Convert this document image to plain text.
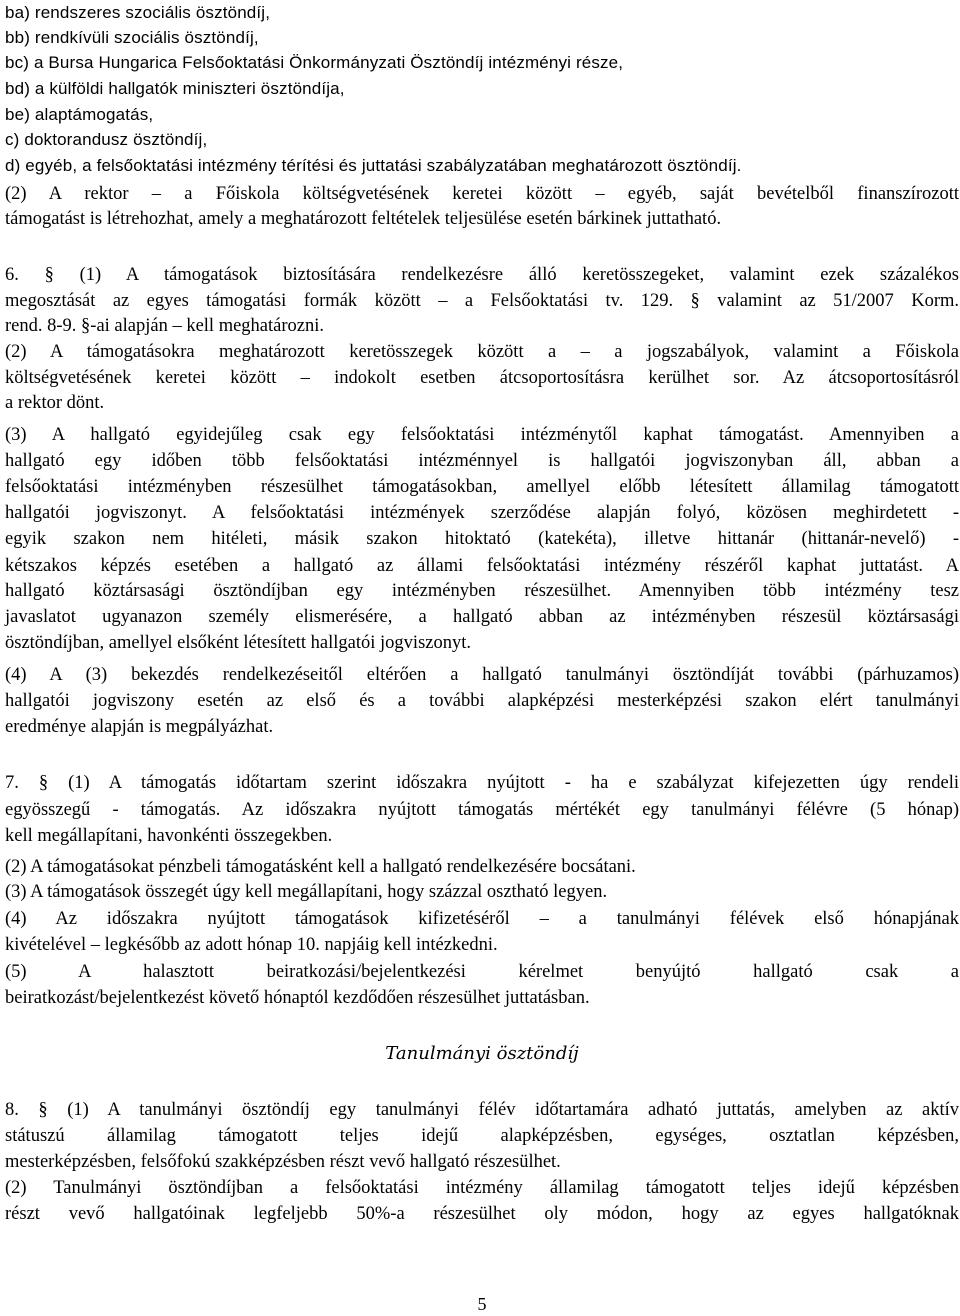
ba) rendszeres szociális ösztöndíj,
bb) rendkívüli szociális ösztöndíj,
bc) a Bursa Hungarica Felsőoktatási Önkormányzati Ösztöndíj intézményi része,
bd) a külföldi hallgatók miniszteri ösztöndíja,
be) alaptámogatás,
c) doktorandusz ösztöndíj,
d) egyéb, a felsőoktatási intézmény térítési és juttatási szabályzatában meghatározott ösztöndíj.
(2) A rektor – a Főiskola költségvetésének keretei között – egyéb, saját bevételből finanszírozott
támogatást is létrehozhat, amely a meghatározott feltételek teljesülése esetén bárkinek juttatható.
6. § (1) A támogatások biztosítására rendelkezésre álló keretösszegeket, valamint ezek százalékos
megosztását az egyes támogatási formák között – a Felsőoktatási tv. 129. § valamint az 51/2007 Korm.
rend. 8-9. §-ai alapján – kell meghatározni.
(2) A támogatásokra meghatározott keretösszegek között a – a jogszabályok, valamint a Főiskola
költségvetésének keretei között – indokolt esetben átcsoportosításra kerülhet sor. Az átcsoportosításról
a rektor dönt.
(3) A hallgató egyidejűleg csak egy felsőoktatási intézménytől kaphat támogatást. Amennyiben a
hallgató egy időben több felsőoktatási intézménnyel is hallgatói jogviszonyban áll, abban a
felsőoktatási intézményben részesülhet támogatásokban, amellyel előbb létesített államilag támogatott
hallgatói jogviszonyt. A felsőoktatási intézmények szerződése alapján folyó, közösen meghirdetett -
egyik szakon nem hitéleti, másik szakon hitoktató (katekéta), illetve hittanár (hittanár-nevelő) -
kétszakos képzés esetében a hallgató az állami felsőoktatási intézmény részéről kaphat juttatást. A
hallgató köztársasági ösztöndíjban egy intézményben részesülhet. Amennyiben több intézmény tesz
javaslatot ugyanazon személy elismerésére, a hallgató abban az intézményben részesül köztársasági
ösztöndíjban, amellyel elsőként létesített hallgatói jogviszonyt.
(4) A (3) bekezdés rendelkezéseitől eltérően a hallgató tanulmányi ösztöndíját további (párhuzamos)
hallgatói jogviszony esetén az első és a további alapképzési mesterképzési szakon elért tanulmányi
eredménye alapján is megpályázhat.
7. § (1) A támogatás időtartam szerint időszakra nyújtott - ha e szabályzat kifejezetten úgy rendeli
egyösszegű - támogatás. Az időszakra nyújtott támogatás mértékét egy tanulmányi félévre (5 hónap)
kell megállapítani, havonkénti összegekben.
(2) A támogatásokat pénzbeli támogatásként kell a hallgató rendelkezésére bocsátani.
(3) A támogatások összegét úgy kell megállapítani, hogy százzal osztható legyen.
(4) Az időszakra nyújtott támogatások kifizetéséről – a tanulmányi félévek első hónapjának
kivételével – legkésőbb az adott hónap 10. napjáig kell intézkedni.
(5) A halasztott beiratkozási/bejelentkezési kérelmet benyújtó hallgató csak a
beiratkozást/bejelentkezést követő hónaptól kezdődően részesülhet juttatásban.
Tanulmányi ösztöndíj
8. § (1) A tanulmányi ösztöndíj egy tanulmányi félév időtartamára adható juttatás, amelyben az aktív
státuszú államilag támogatott teljes idejű alapképzésben, egységes, osztatlan képzésben,
mesterképzésben, felsőfokú szakképzésben részt vevő hallgató részesülhet.
(2) Tanulmányi ösztöndíjban a felsőoktatási intézmény államilag támogatott teljes idejű képzésben
részt vevő hallgatóinak legfeljebb 50%-a részesülhet oly módon, hogy az egyes hallgatóknak
5
